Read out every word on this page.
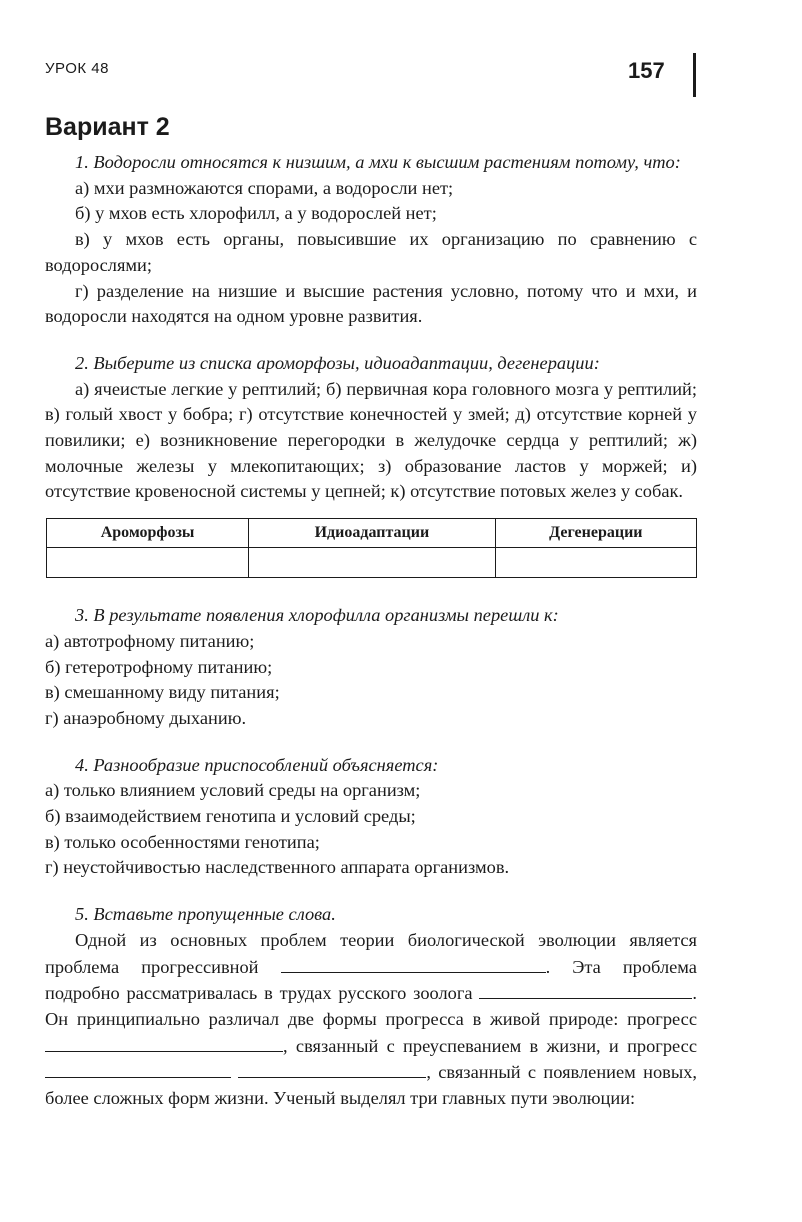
УРОК 48	157
Вариант 2

1. Водоросли относятся к низшим, а мхи к высшим растениям потому, что:

а) мхи размножаются спорами, а водоросли нет;

б) у мхов есть хлорофилл, а у водорослей нет;

в) у мхов есть органы, повысившие их организацию по сравнению с водорослями;

г) разделение на низшие и высшие растения условно, потому что и мхи, и водоросли находятся на одном уровне развития.

2. Выберите из списка ароморфозы, идиоадаптации, дегенерации:

а) ячеистые легкие у рептилий; б) первичная кора головного мозга у рептилий; в) голый хвост у бобра; г) отсутствие конечностей у змей; д) отсутствие корней у повилики; е) возникновение перегородки в желудочке сердца у рептилий; ж) молочные железы у млекопитающих; з) образование ластов у моржей; и) отсутствие кровеносной системы у цепней; к) отсутствие потовых желез у собак.

Ароморфозы	Идиоадаптации	Дегенерации

3. В результате появления хлорофилла организмы перешли к:

а) автотрофному питанию;

б) гетеротрофному питанию;

в) смешанному виду питания;

г) анаэробному дыханию.

4. Разнообразие приспособлений объясняется:

а) только влиянием условий среды на организм;

б) взаимодействием генотипа и условий среды;

в) только особенностями генотипа;

г) неустойчивостью наследственного аппарата организмов.

5. Вставьте пропущенные слова.

Одной из основных проблем теории биологической эволюции является проблема прогрессивной	. Эта проблема подробно рассматривалась в трудах русского зоолога	. Он принципиально различал две формы прогресса в живой природе: прогресс , связанный с преуспеванием в жизни, и прогресс  , связанный с появлением новых, более сложных форм жизни. Ученый выделял три главных пути эволюции:
